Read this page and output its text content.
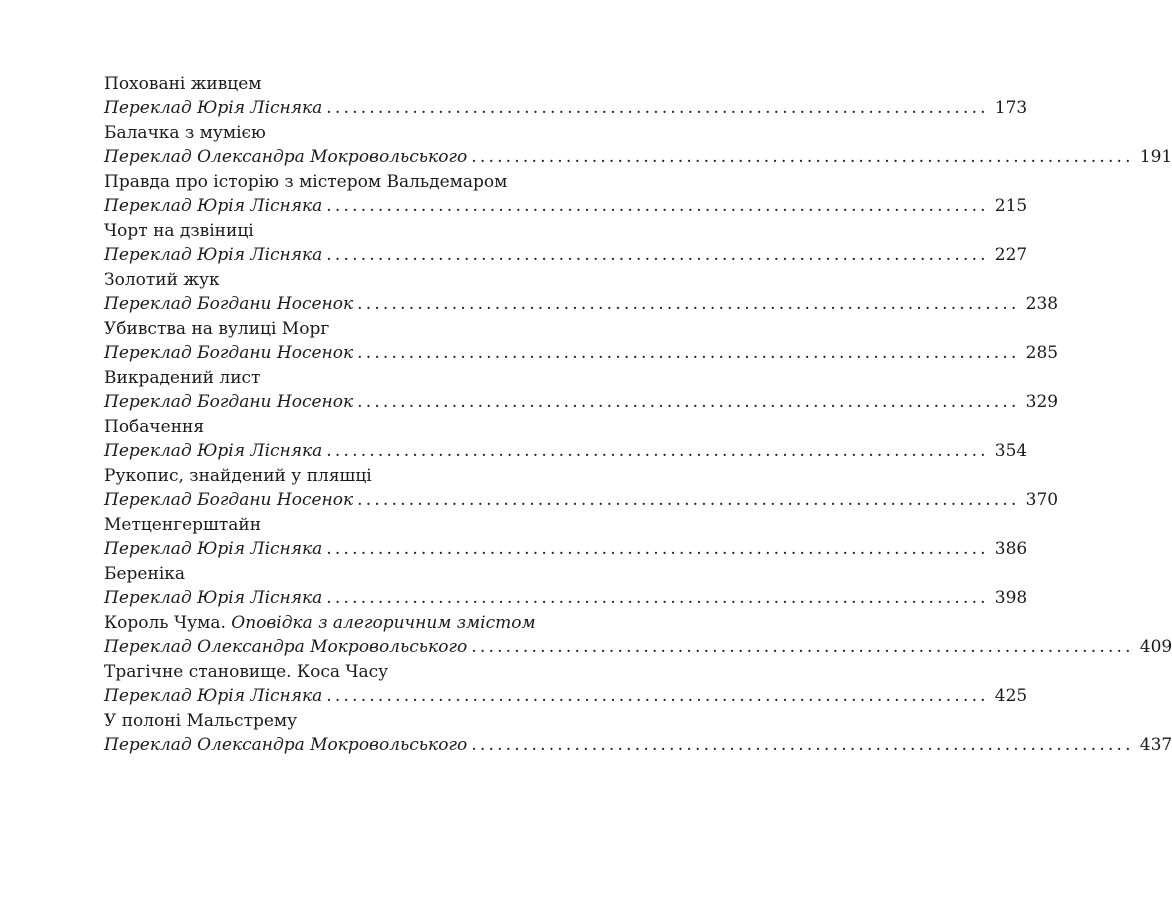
Поховані живцем
Переклад Юрія Лісняка ............................................................................. 173
Балачка з мумією
Переклад Олександра Мокровольського ............................................................................. 191
Правда про історію з містером Вальдемаром
Переклад Юрія Лісняка ............................................................................. 215
Чорт на дзвіниці
Переклад Юрія Лісняка ............................................................................. 227
Золотий жук
Переклад Богдани Носенок ............................................................................. 238
Убивства на вулиці Морг
Переклад Богдани Носенок ............................................................................. 285
Викрадений лист
Переклад Богдани Носенок ............................................................................. 329
Побачення
Переклад Юрія Лісняка ............................................................................. 354
Рукопис, знайдений у пляшці
Переклад Богдани Носенок ............................................................................. 370
Метценгерштайн
Переклад Юрія Лісняка ............................................................................. 386
Береніка
Переклад Юрія Лісняка ............................................................................. 398
Король Чума. Оповідка з алегоричним змістом
Переклад Олександра Мокровольського ............................................................................. 409
Трагічне становище. Коса Часу
Переклад Юрія Лісняка ............................................................................. 425
У полоні Мальстрему
Переклад Олександра Мокровольського ............................................................................. 437
